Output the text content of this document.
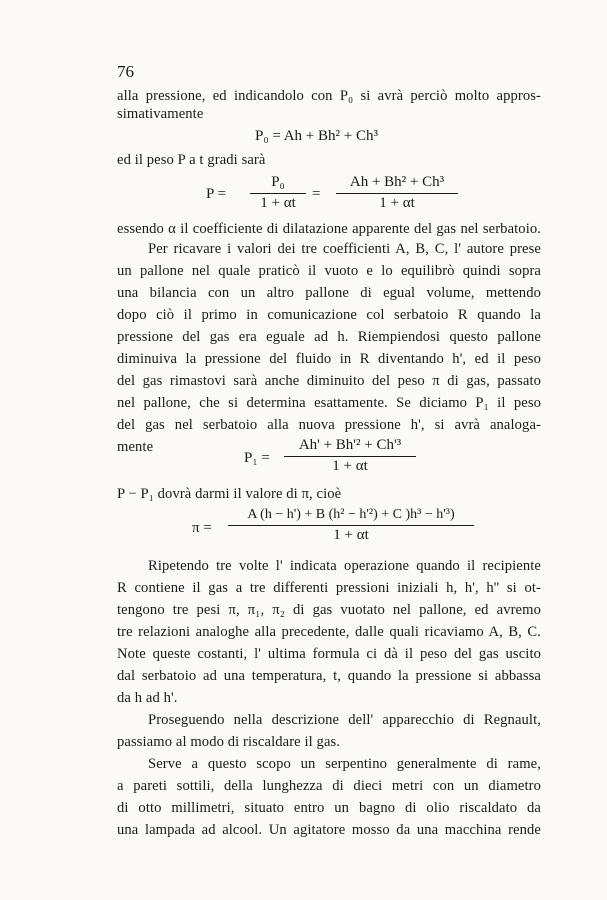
76
alla pressione, ed indicandolo con P₀ si avrà perciò molto appros-
simativamente
P₀ = Ah + Bh² + Ch³
ed il peso P a t gradi sarà
$P = \frac{\text{P₀}}{1 + \alpha t} = \frac{\text{Ah + Bh² + Ch³}}{1 + \alpha t}$
essendo α il coefficiente di dilatazione apparente del gas nel serbatoio.
Per ricavare i valori dei tre coefficienti A, B, C, l' autore prese
un pallone nel quale praticò il vuoto e lo equilibrò quindi sopra
una bilancia con un altro pallone di egual volume, mettendo
dopo ciò il primo in comunicazione col serbatoio R quando la
pressione del gas era eguale ad h. Riempiendosi questo pallone
diminuiva la pressione del fluido in R diventando h', ed il peso
del gas rimastovi sarà anche diminuito del peso π di gas, passato
nel pallone, che si determina esattamente. Se diciamo P₁ il peso
del gas nel serbatoio alla nuova pressione h', si avrà analoga-
mente
$P_1 = \frac{\text{Ah' + Bh'² + Ch'³}}{1 + \alpha t}$
P − P₁ dovrà darmi il valore di π, cioè
$\pi = \frac{\text{A (h − h') + B (h² − h'²) + C )h³ − h'³)}}{1 + \alpha t}$
Ripetendo tre volte l' indicata operazione quando il recipiente
R contiene il gas a tre differenti pressioni iniziali h, h', h'' si ot-
tengono tre pesi π, π₁, π₂ di gas vuotato nel pallone, ed avremo
tre relazioni analoghe alla precedente, dalle quali ricaviamo A, B, C.
Note queste costanti, l' ultima formula ci dà il peso del gas uscito
dal serbatoio ad una temperatura, t, quando la pressione si abbassa
da h ad h'.
Proseguendo nella descrizione dell' apparecchio di Regnault,
passiamo al modo di riscaldare il gas.
Serve a questo scopo un serpentino generalmente di rame,
a pareti sottili, della lunghezza di dieci metri con un diametro
di otto millimetri, situato entro un bagno di olio riscaldato da
una lampada ad alcool. Un agitatore mosso da una macchina rende
